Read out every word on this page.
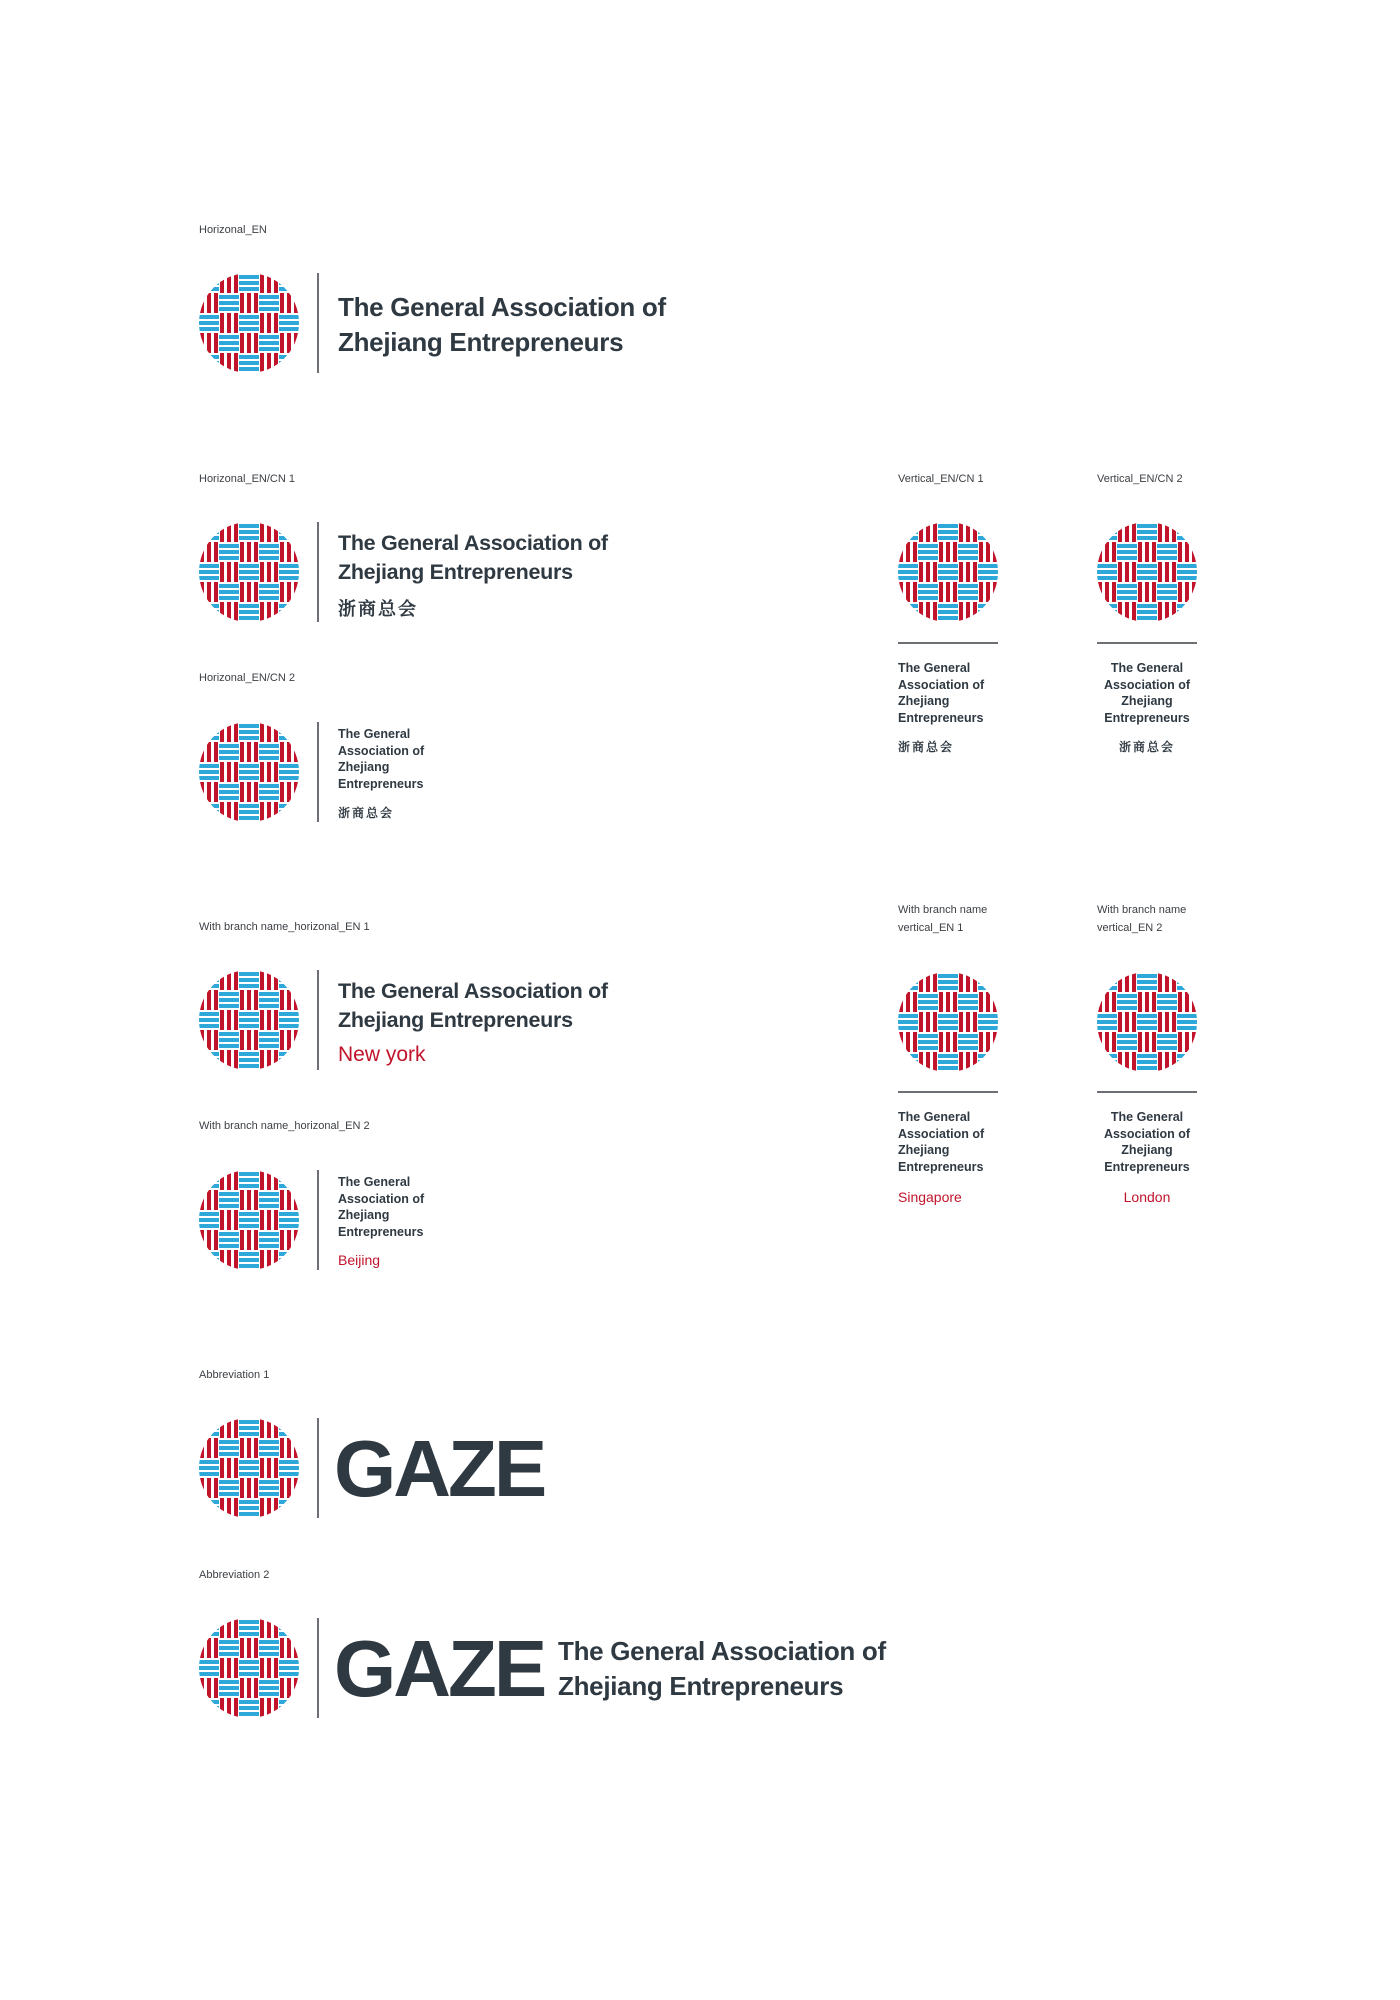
Horizonal_EN
The General Association of
Zhejiang Entrepreneurs
Horizonal_EN/CN 1
The General Association of
Zhejiang Entrepreneurs
浙商总会
Horizonal_EN/CN 2
The General
Association of
Zhejiang
Entrepreneurs
浙商总会
Vertical_EN/CN 1
The General
Association of
Zhejiang
Entrepreneurs
浙商总会
Vertical_EN/CN 2
The General
Association of
Zhejiang
Entrepreneurs
浙商总会
With branch name_horizonal_EN 1
The General Association of
Zhejiang Entrepreneurs
New york
With branch name_horizonal_EN 2
The General
Association of
Zhejiang
Entrepreneurs
Beijing
With branch name
vertical_EN 1
The General
Association of
Zhejiang
Entrepreneurs
Singapore
With branch name
vertical_EN 2
The General
Association of
Zhejiang
Entrepreneurs
London
Abbreviation 1
GAZE
Abbreviation 2
GAZE The General Association of
Zhejiang Entrepreneurs
